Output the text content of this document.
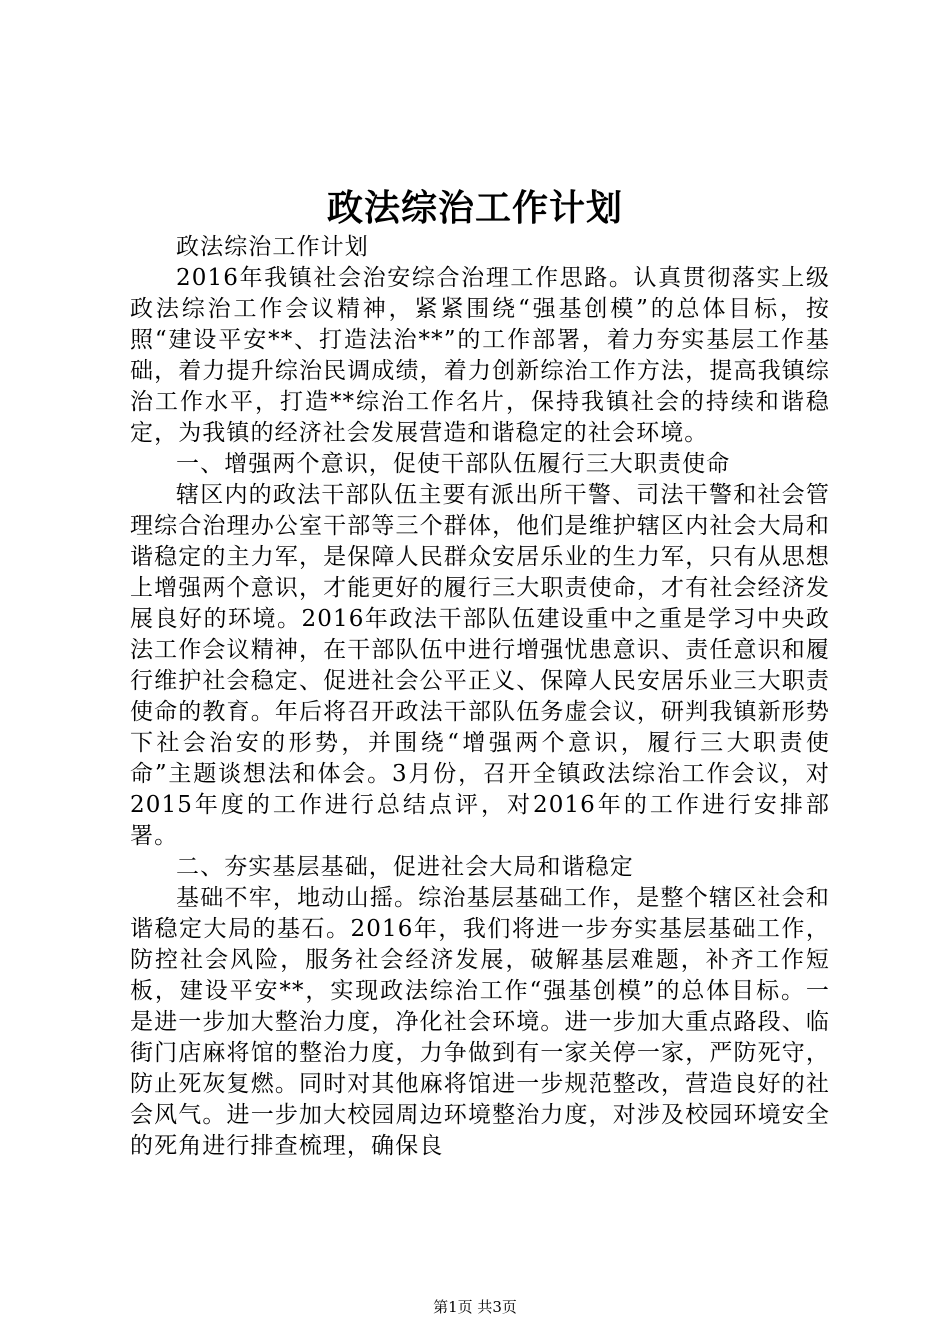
政法综治工作计划

政法综治工作计划

2016年我镇社会治安综合治理工作思路。认真贯彻落实上级政法综治工作会议精神，紧紧围绕“强基创模”的总体目标，按照“建设平安**、打造法治**”的工作部署，着力夯实基层工作基础，着力提升综治民调成绩，着力创新综治工作方法，提高我镇综治工作水平，打造**综治工作名片，保持我镇社会的持续和谐稳定，为我镇的经济社会发展营造和谐稳定的社会环境。

一、增强两个意识，促使干部队伍履行三大职责使命

辖区内的政法干部队伍主要有派出所干警、司法干警和社会管理综合治理办公室干部等三个群体，他们是维护辖区内社会大局和谐稳定的主力军，是保障人民群众安居乐业的生力军，只有从思想上增强两个意识，才能更好的履行三大职责使命，才有社会经济发展良好的环境。2016年政法干部队伍建设重中之重是学习中央政法工作会议精神，在干部队伍中进行增强忧患意识、责任意识和履行维护社会稳定、促进社会公平正义、保障人民安居乐业三大职责使命的教育。年后将召开政法干部队伍务虚会议，研判我镇新形势下社会治安的形势，并围绕“增强两个意识，履行三大职责使命”主题谈想法和体会。3月份，召开全镇政法综治工作会议，对2015年度的工作进行总结点评，对2016年的工作进行安排部署。

二、夯实基层基础，促进社会大局和谐稳定

基础不牢，地动山摇。综治基层基础工作，是整个辖区社会和谐稳定大局的基石。2016年，我们将进一步夯实基层基础工作，防控社会风险，服务社会经济发展，破解基层难题，补齐工作短板，建设平安**，实现政法综治工作“强基创模”的总体目标。一是进一步加大整治力度，净化社会环境。进一步加大重点路段、临街门店麻将馆的整治力度，力争做到有一家关停一家，严防死守，防止死灰复燃。同时对其他麻将馆进一步规范整改，营造良好的社会风气。进一步加大校园周边环境整治力度，对涉及校园环境安全的死角进行排查梳理，确保良

第1页 共3页
